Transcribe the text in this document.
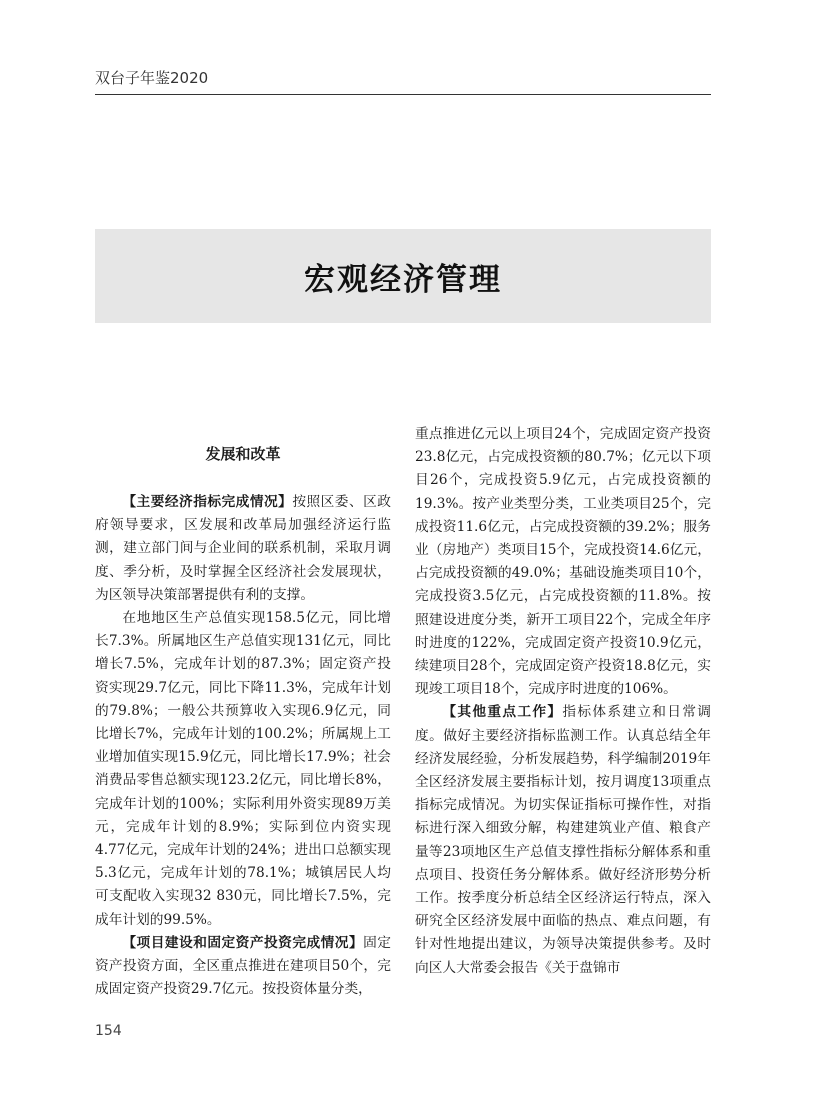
双台子年鉴2020
宏观经济管理
发展和改革

【主要经济指标完成情况】按照区委、区政府领导要求，区发展和改革局加强经济运行监测，建立部门间与企业间的联系机制，采取月调度、季分析，及时掌握全区经济社会发展现状，为区领导决策部署提供有利的支撑。

在地地区生产总值实现158.5亿元，同比增长7.3%。所属地区生产总值实现131亿元，同比增长7.5%，完成年计划的87.3%；固定资产投资实现29.7亿元，同比下降11.3%，完成年计划的79.8%；一般公共预算收入实现6.9亿元，同比增长7%，完成年计划的100.2%；所属规上工业增加值实现15.9亿元，同比增长17.9%；社会消费品零售总额实现123.2亿元，同比增长8%，完成年计划的100%；实际利用外资实现89万美元，完成年计划的8.9%；实际到位内资实现4.77亿元，完成年计划的24%；进出口总额实现5.3亿元，完成年计划的78.1%；城镇居民人均可支配收入实现32 830元，同比增长7.5%，完成年计划的99.5%。

【项目建设和固定资产投资完成情况】固定资产投资方面，全区重点推进在建项目50个，完成固定资产投资29.7亿元。按投资体量分类，

重点推进亿元以上项目24个，完成固定资产投资23.8亿元，占完成投资额的80.7%；亿元以下项目26个，完成投资5.9亿元，占完成投资额的19.3%。按产业类型分类，工业类项目25个，完成投资11.6亿元，占完成投资额的39.2%；服务业（房地产）类项目15个，完成投资14.6亿元，占完成投资额的49.0%；基础设施类项目10个，完成投资3.5亿元，占完成投资额的11.8%。按照建设进度分类，新开工项目22个，完成全年序时进度的122%，完成固定资产投资10.9亿元，续建项目28个，完成固定资产投资18.8亿元，实现竣工项目18个，完成序时进度的106%。

【其他重点工作】指标体系建立和日常调度。做好主要经济指标监测工作。认真总结全年经济发展经验，分析发展趋势，科学编制2019年全区经济发展主要指标计划，按月调度13项重点指标完成情况。为切实保证指标可操作性，对指标进行深入细致分解，构建建筑业产值、粮食产量等23项地区生产总值支撑性指标分解体系和重点项目、投资任务分解体系。做好经济形势分析工作。按季度分析总结全区经济运行特点，深入研究全区经济发展中面临的热点、难点问题，有针对性地提出建议，为领导决策提供参考。及时向区人大常委会报告《关于盘锦市

154
